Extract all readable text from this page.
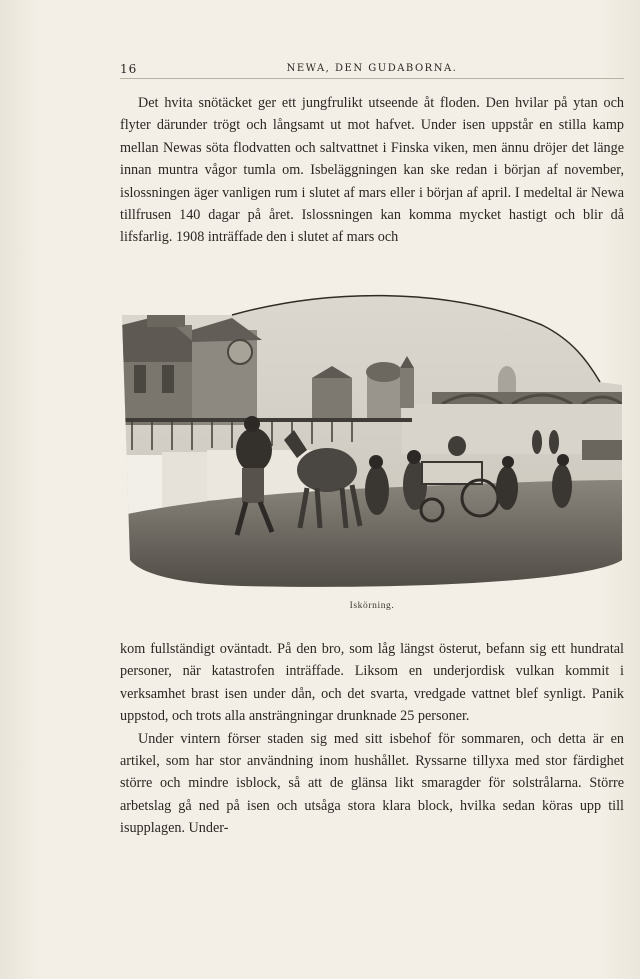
16	NEWA, DEN GUDABORNA.

Det hvita snötäcket ger ett jungfrulikt utseende åt floden. Den hvilar på ytan och flyter därunder trögt och långsamt ut mot hafvet. Under isen uppstår en stilla kamp mellan Newas söta flodvatten och saltvattnet i Finska viken, men ännu dröjer det länge innan muntra vågor tumla om. Isbeläggningen kan ske redan i början af november, islossningen äger vanligen rum i slutet af mars eller i början af april. I medeltal är Newa tillfrusen 140 dagar på året. Islossningen kan komma mycket hastigt och blir då lifsfarlig. 1908 inträffade den i slutet af mars och

Iskörning.

kom fullständigt oväntadt. På den bro, som låg längst österut, befann sig ett hundratal personer, när katastrofen inträffade. Liksom en underjordisk vulkan kommit i verksamhet brast isen under dån, och det svarta, vredgade vattnet blef synligt. Panik uppstod, och trots alla ansträngningar drunknade 25 personer.

Under vintern förser staden sig med sitt isbehof för sommaren, och detta är en artikel, som har stor användning inom hushållet. Ryssarne tillyxa med stor färdighet större och mindre isblock, så att de glänsa likt smaragder för solstrålarna. Större arbetslag gå ned på isen och utsåga stora klara block, hvilka sedan köras upp till isupplagen. Under-
